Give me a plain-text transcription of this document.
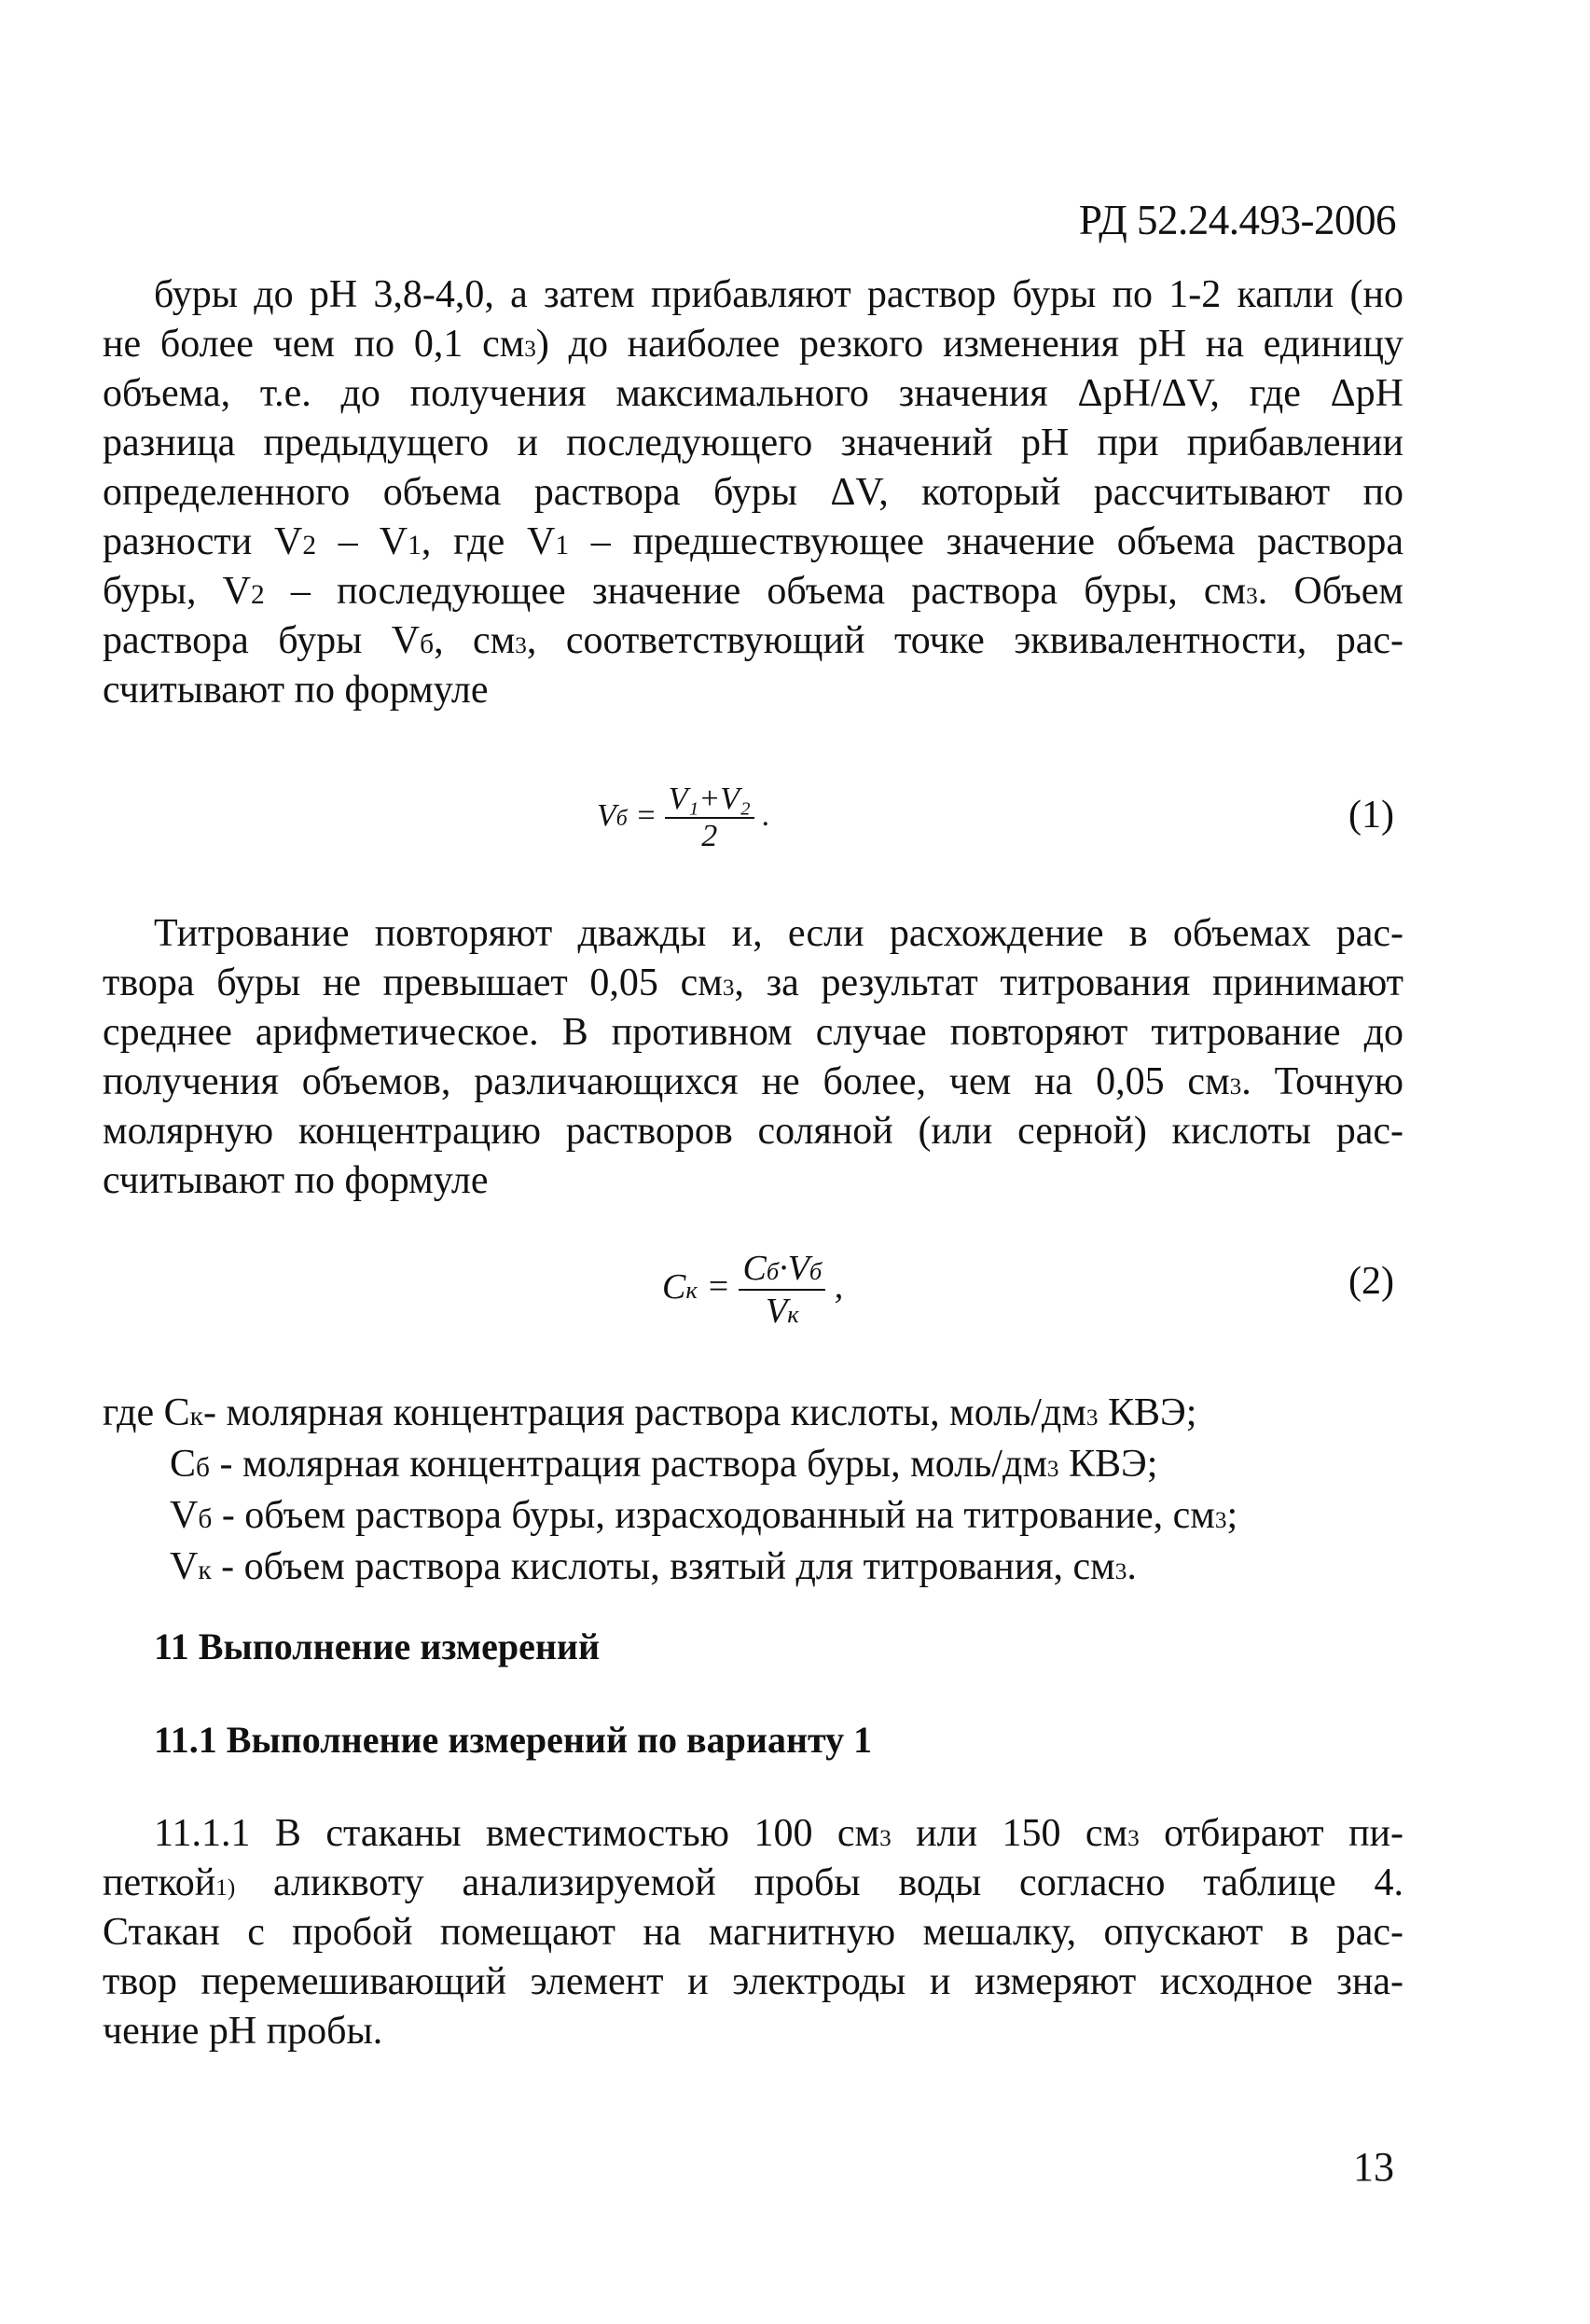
РД 52.24.493-2006

буры до pH 3,8-4,0, а затем прибавляют раствор буры по 1-2 капли (но
не более чем по 0,1 $см^3$) до наиболее резкого изменения pH на единицу
объема, т.е. до получения максимального значения ΔpH/ΔV, где ΔpH
разница предыдущего и последующего значений pH при прибавлении
определенного объема раствора буры ΔV, который рассчитывают по
разности $V_2 - V_1$, где $V_1$ – предшествующее значение объема раствора
буры, $V_2$ – последующее значение объема раствора буры, $см^3$. Объем
раствора буры $V_б$, $см^3$, соответствующий точке эквивалентности, рас-
считывают по формуле

$V_б = \frac{\text{V₁+V₂}}{2}$ .	(1)

Титрование повторяют дважды и, если расхождение в объемах рас-
твора буры не превышает 0,05 $см^3$, за результат титрования принимают
среднее арифметическое. В противном случае повторяют титрование до
получения объемов, различающихся не более, чем на 0,05 $см^3$. Точную
молярную концентрацию растворов соляной (или серной) кислоты рас-
считывают по формуле

$C_к = \frac{C_б\cdot V_б}{V_к}$ ,	(2)
где $С_к-$ молярная концентрация раствора кислоты, моль/$дм^3$ КВЭ;
$С_б$ - молярная концентрация раствора буры, моль/$дм^3$ КВЭ;
$V_б$ - объем раствора буры, израсходованный на титрование, $см^3$;
$V_к$ - объем раствора кислоты, взятый для титрования, $см^3$.
11 Выполнение измерений
11.1 Выполнение измерений по варианту 1

11.1.1 В стаканы вместимостью 100 $см^3$ или 150 $см^3$ отбирают пи-
петкой$^{1)}$ аликвоту анализируемой пробы воды согласно таблице 4.
Стакан с пробой помещают на магнитную мешалку, опускают в рас-
твор перемешивающий элемент и электроды и измеряют исходное зна-
чение pH пробы.

13
